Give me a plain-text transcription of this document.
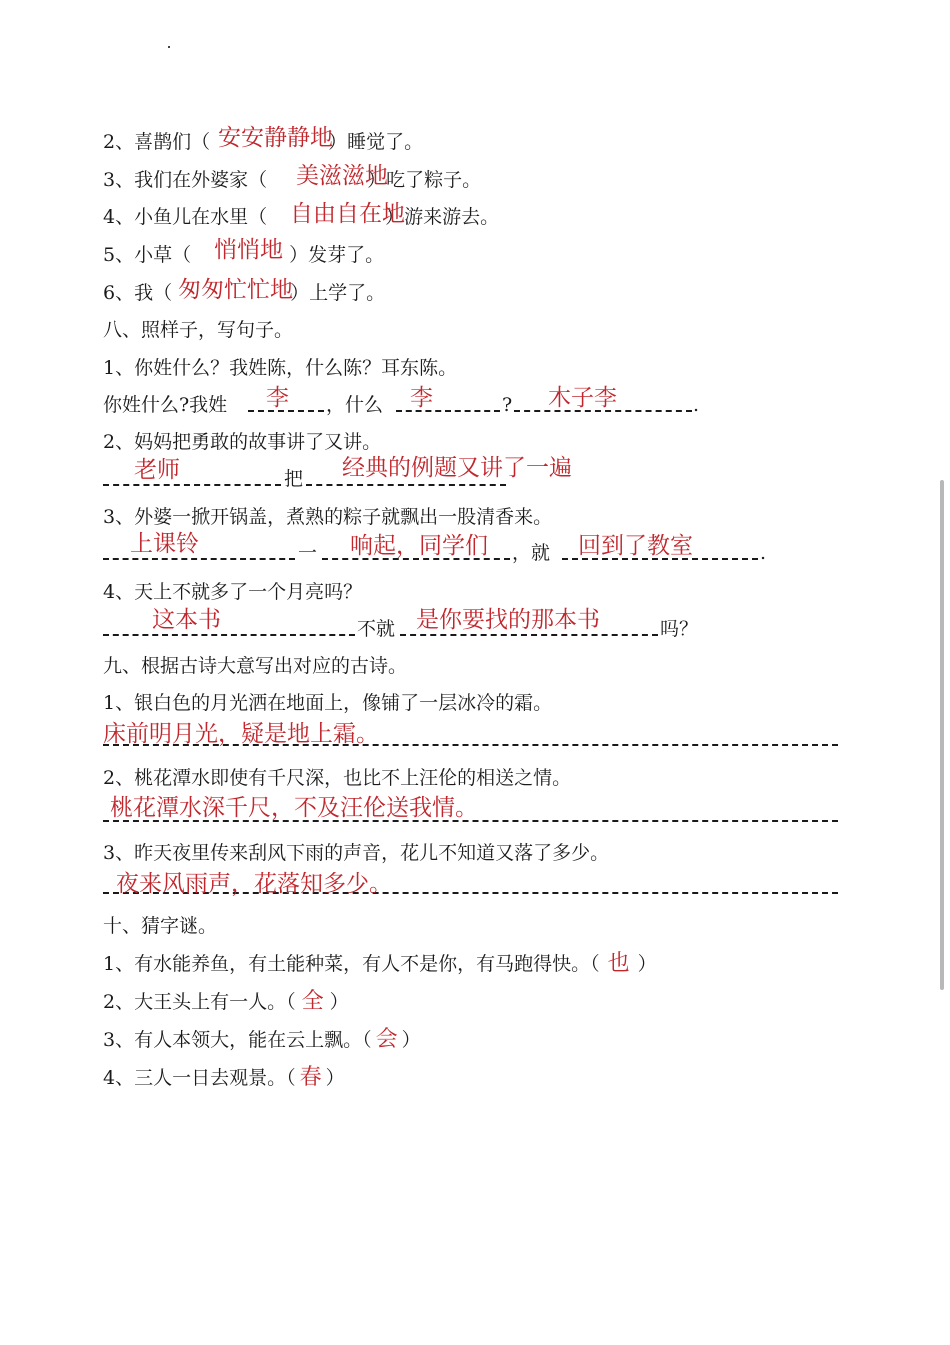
2、喜鹊们（	）睡觉了。
安安静静地
3、我们在外婆家（	）吃了粽子。
美滋滋地
4、小鱼儿在水里（	）游来游去。
自由自在地
5、小草（	）发芽了。
悄悄地
6、我（	）上学了。
匆匆忙忙地
八、照样子，写句子。
1、你姓什么？我姓陈，什么陈？耳东陈。
你姓什么?我姓	，什么	?	.
李	李	木子李
2、妈妈把勇敢的故事讲了又讲。
把
老师	经典的例题又讲了一遍
3、外婆一掀开锅盖，煮熟的粽子就飘出一股清香来。
一	，就	.
上课铃	响起，同学们	回到了教室
4、天上不就多了一个月亮吗？
不就	吗？
这本书	是你要找的那本书
九、根据古诗大意写出对应的古诗。
1、银白色的月光洒在地面上，像铺了一层冰冷的霜。
床前明月光，疑是地上霜。
2、桃花潭水即使有千尺深，也比不上汪伦的相送之情。
桃花潭水深千尺，不及汪伦送我情。
3、昨天夜里传来刮风下雨的声音，花儿不知道又落了多少。
夜来风雨声，花落知多少。
十、猜字谜。
1、有水能养鱼，有土能种菜，有人不是你，有马跑得快。（ 也 ）
2、大王头上有一人。（ 全 ）
3、有人本领大，能在云上飘。（ 会 ）
4、三人一日去观景。（ 春 ）
